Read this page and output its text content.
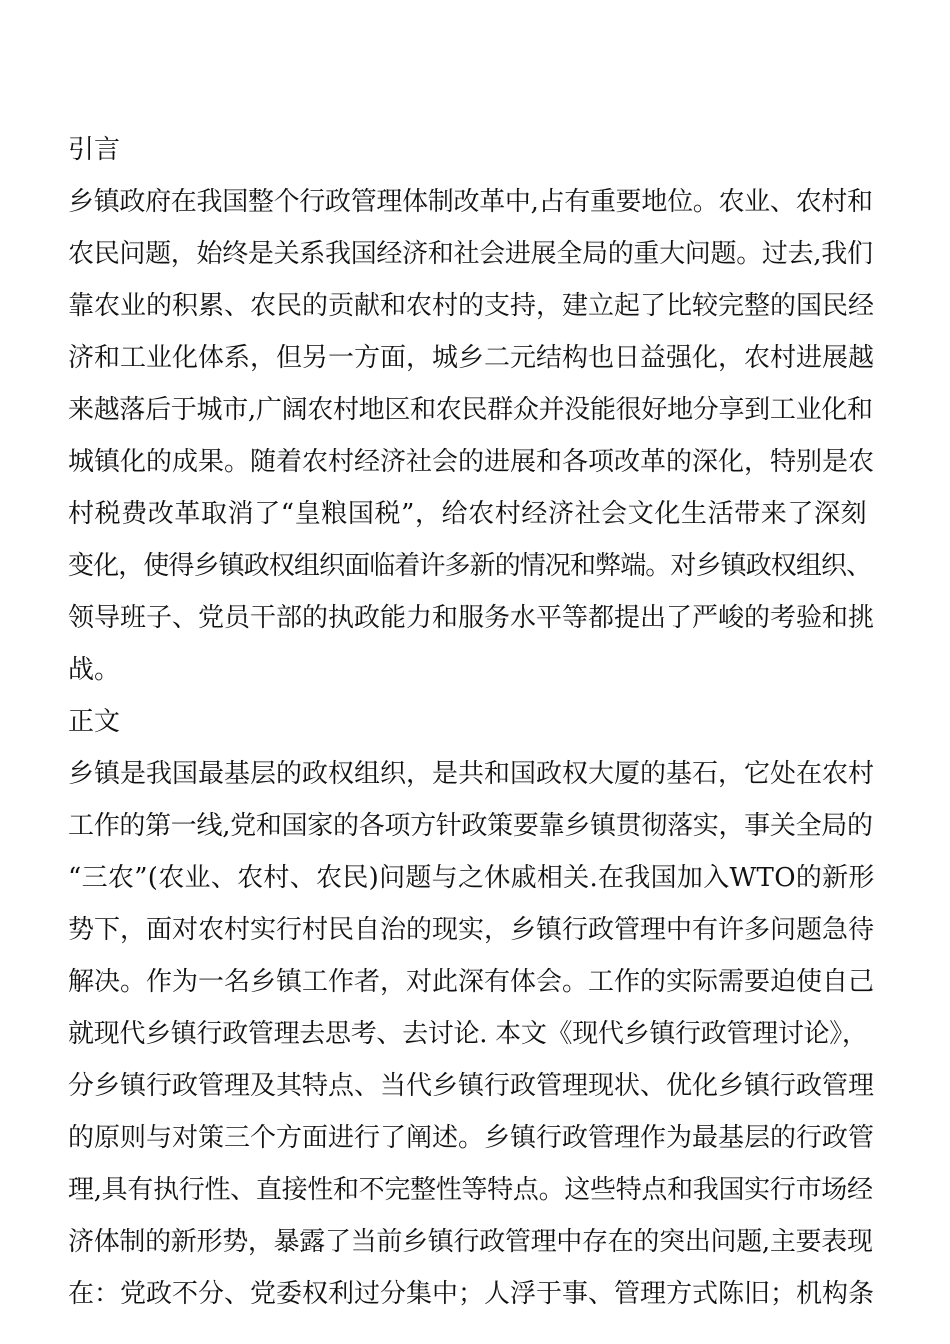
引言
乡镇政府在我国整个行政管理体制改革中,占有重要地位。农业、农村和
农民问题，始终是关系我国经济和社会进展全局的重大问题。过去,我们
靠农业的积累、农民的贡献和农村的支持，建立起了比较完整的国民经
济和工业化体系，但另一方面，城乡二元结构也日益强化，农村进展越
来越落后于城市,广阔农村地区和农民群众并没能很好地分享到工业化和
城镇化的成果。随着农村经济社会的进展和各项改革的深化，特别是农
村税费改革取消了“皇粮国税”，给农村经济社会文化生活带来了深刻
变化，使得乡镇政权组织面临着许多新的情况和弊端。对乡镇政权组织、
领导班子、党员干部的执政能力和服务水平等都提出了严峻的考验和挑
战。
正文
乡镇是我国最基层的政权组织，是共和国政权大厦的基石，它处在农村
工作的第一线,党和国家的各项方针政策要靠乡镇贯彻落实，事关全局的
“三农”(农业、农村、农民)问题与之休戚相关.在我国加入WTO的新形
势下，面对农村实行村民自治的现实，乡镇行政管理中有许多问题急待
解决。作为一名乡镇工作者，对此深有体会。工作的实际需要迫使自己
就现代乡镇行政管理去思考、去讨论. 本文《现代乡镇行政管理讨论》，
分乡镇行政管理及其特点、当代乡镇行政管理现状、优化乡镇行政管理
的原则与对策三个方面进行了阐述。乡镇行政管理作为最基层的行政管
理,具有执行性、直接性和不完整性等特点。这些特点和我国实行市场经
济体制的新形势，暴露了当前乡镇行政管理中存在的突出问题,主要表现
在：党政不分、党委权利过分集中；人浮于事、管理方式陈旧；机构条
